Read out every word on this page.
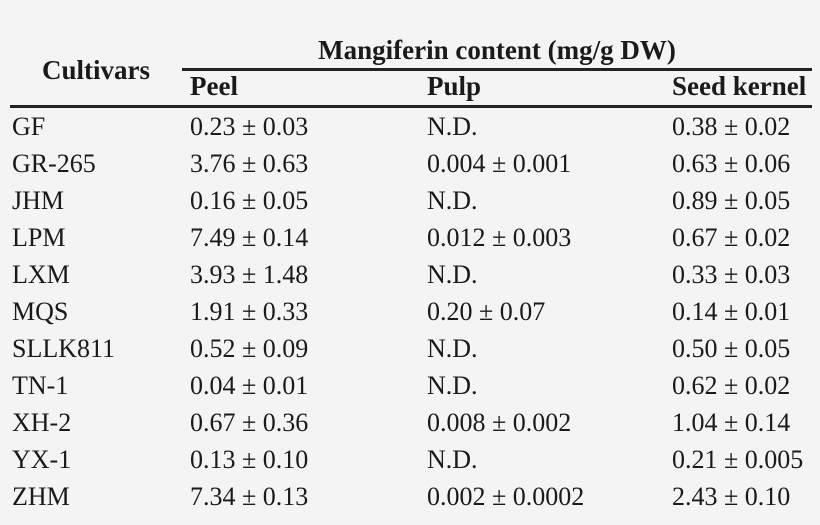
Cultivars	Mangiferin content (mg/g DW)		
	Peel	Pulp	Seed kernel
GF	0.23 ± 0.03	N.D.	0.38 ± 0.02
GR-265	3.76 ± 0.63	0.004 ± 0.001	0.63 ± 0.06
JHM	0.16 ± 0.05	N.D.	0.89 ± 0.05
LPM	7.49 ± 0.14	0.012 ± 0.003	0.67 ± 0.02
LXM	3.93 ± 1.48	N.D.	0.33 ± 0.03
MQS	1.91 ± 0.33	0.20 ± 0.07	0.14 ± 0.01
SLLK811	0.52 ± 0.09	N.D.	0.50 ± 0.05
TN-1	0.04 ± 0.01	N.D.	0.62 ± 0.02
XH-2	0.67 ± 0.36	0.008 ± 0.002	1.04 ± 0.14
YX-1	0.13 ± 0.10	N.D.	0.21 ± 0.005
ZHM	7.34 ± 0.13	0.002 ± 0.0002	2.43 ± 0.10
